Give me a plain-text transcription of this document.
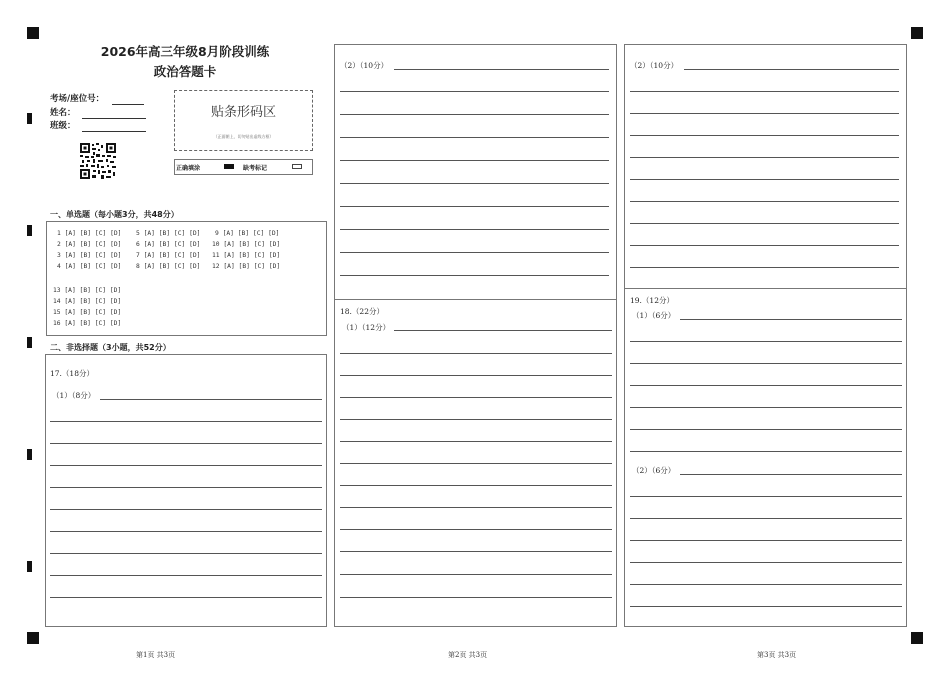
2026年高三年级8月阶段训练
政治答题卡
考场/座位号：
姓名：
班级：
贴条形码区
（正面朝上，切勿贴出虚线方框）
正确填涂	缺考标记
一、单选题（每小题3分，共48分）
1 [A] [B] [C] [D]
2 [A] [B] [C] [D]
3 [A] [B] [C] [D]
4 [A] [B] [C] [D]
5 [A] [B] [C] [D]
6 [A] [B] [C] [D]
7 [A] [B] [C] [D]
8 [A] [B] [C] [D]
9 [A] [B] [C] [D]
10 [A] [B] [C] [D]
11 [A] [B] [C] [D]
12 [A] [B] [C] [D]
13 [A] [B] [C] [D]
14 [A] [B] [C] [D]
15 [A] [B] [C] [D]
16 [A] [B] [C] [D]
二、非选择题（3小题，共52分）
17.（18分）
（1）（8分）
第1页 共3页
（2）（10分）
18.（22分）
（1）（12分）
第2页 共3页
（2）（10分）
19.（12分）
（1）（6分）
（2）（6分）
第3页 共3页
